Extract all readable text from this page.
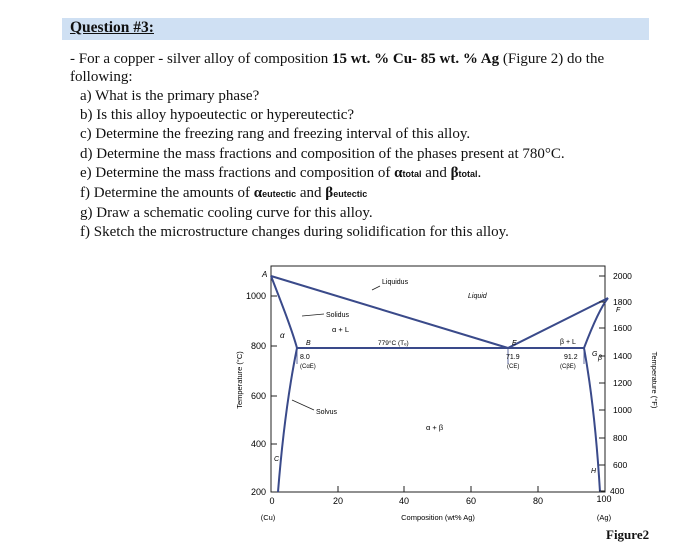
Question #3:
- For a copper - silver alloy of composition 15 wt. % Cu- 85 wt. % Ag (Figure 2) do the following:
a) What is the primary phase?
b) Is this alloy hypoeutectic or hypereutectic?
c) Determine the freezing rang and freezing interval of this alloy.
d) Determine the mass fractions and composition of the phases present at 780°C.
e) Determine the mass fractions and composition of αtotal and βtotal.
f) Determine the amounts of αeutectic and βeutectic
g) Draw a schematic cooling curve for this alloy.
f) Sketch the microstructure changes during solidification for this alloy.
1000
800
600
400
200
Temperature (°C)
2000
1800
1600
1400
1200
1000
800
600
400
Temperature (°F)
0	20	40	60	80	100
(Cu)	(Ag)
Composition (wt% Ag)
A
Liquidus
Liquid
Solidus
α + L
α
β + L
β
779°C (Tₑ)
B	E
G
8.0
(CαE)
71.9
(CE)
91.2
(CβE)
Solvus
α + β
C
H
F
Figure2
